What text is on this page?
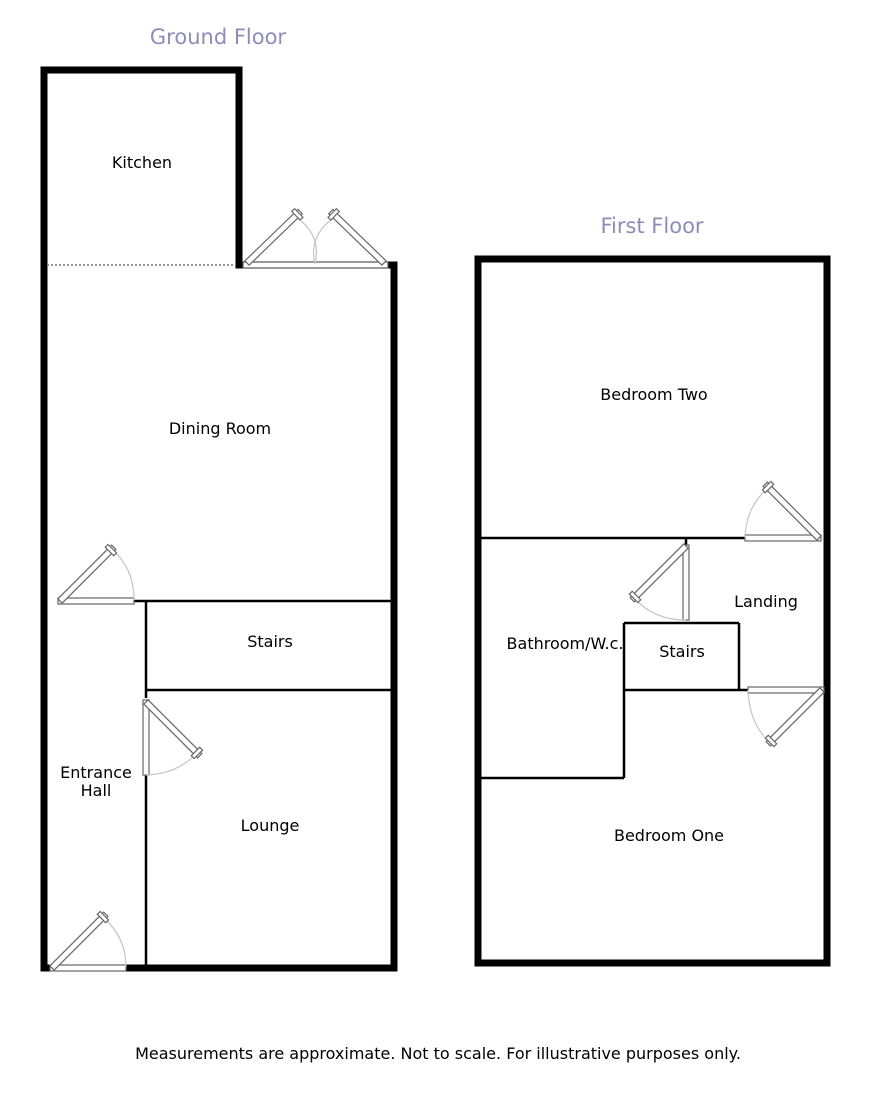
Ground Floor
Kitchen
Dining Room
Stairs
Entrance
Hall
Lounge
First Floor
Bedroom Two
Landing
Bathroom/W.c. Stairs
Bedroom One
Measurements are approximate. Not to scale. For illustrative purposes only.
